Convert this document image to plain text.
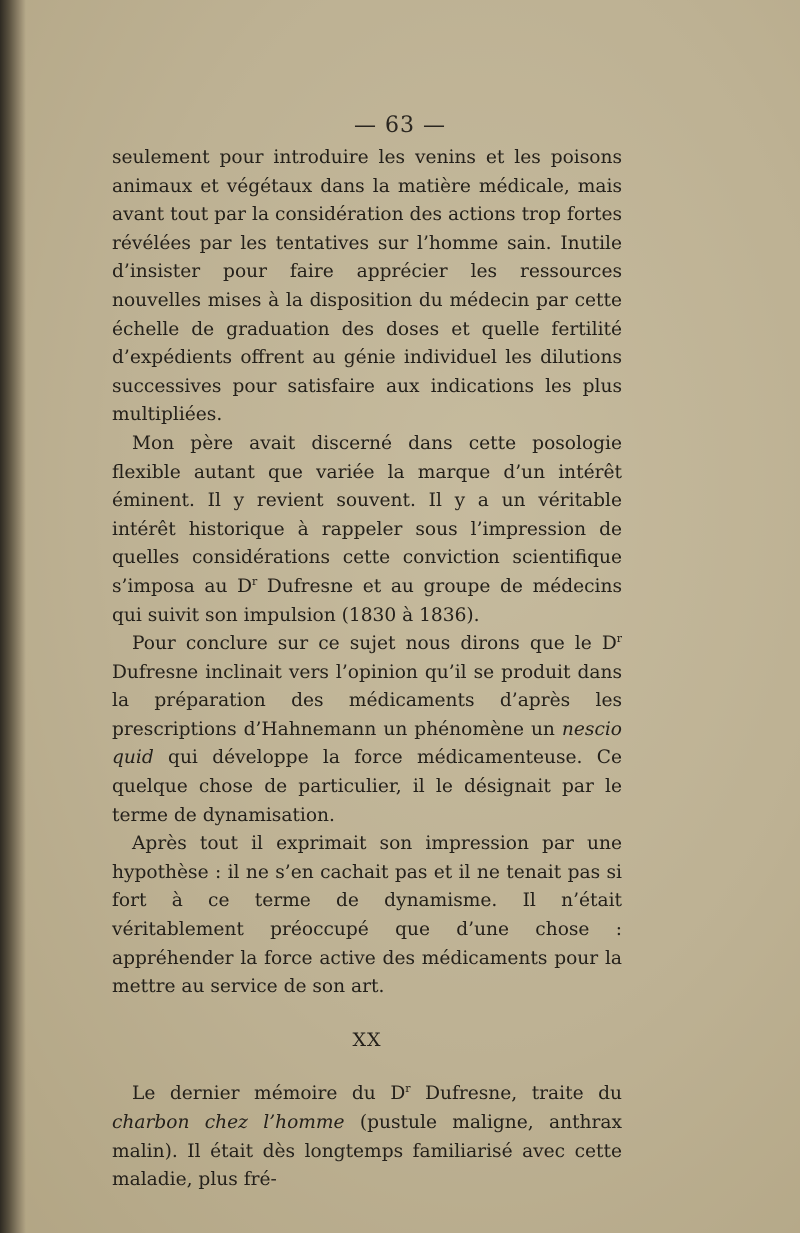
— 63 —

seulement pour introduire les venins et les poisons animaux et végétaux dans la matière médicale, mais avant tout par la considération des actions trop fortes révélées par les tentatives sur l’homme sain. Inutile d’insister pour faire apprécier les ressources nouvelles mises à la disposition du médecin par cette échelle de graduation des doses et quelle fertilité d’expédients offrent au génie individuel les dilutions successives pour satisfaire aux indications les plus multipliées.

Mon père avait discerné dans cette posologie flexible autant que variée la marque d’un intérêt éminent. Il y revient souvent. Il y a un véritable intérêt historique à rappeler sous l’impression de quelles considérations cette conviction scientifique s’imposa au $D^r$ Dufresne et au groupe de médecins qui suivit son impulsion (1830 à 1836).

Pour conclure sur ce sujet nous dirons que le $D^r$ Dufresne inclinait vers l’opinion qu’il se produit dans la préparation des médicaments d’après les prescriptions d’Hahnemann un phénomène un nescio quid qui développe la force médicamenteuse. Ce quelque chose de particulier, il le désignait par le terme de dynamisation.

Après tout il exprimait son impression par une hypothèse : il ne s’en cachait pas et il ne tenait pas si fort à ce terme de dynamisme. Il n’était véritablement préoccupé que d’une chose : appréhender la force active des médicaments pour la mettre au service de son art.

XX

Le dernier mémoire du $D^r$ Dufresne, traite du charbon chez l’homme (pustule maligne, anthrax malin). Il était dès longtemps familiarisé avec cette maladie, plus fré-
